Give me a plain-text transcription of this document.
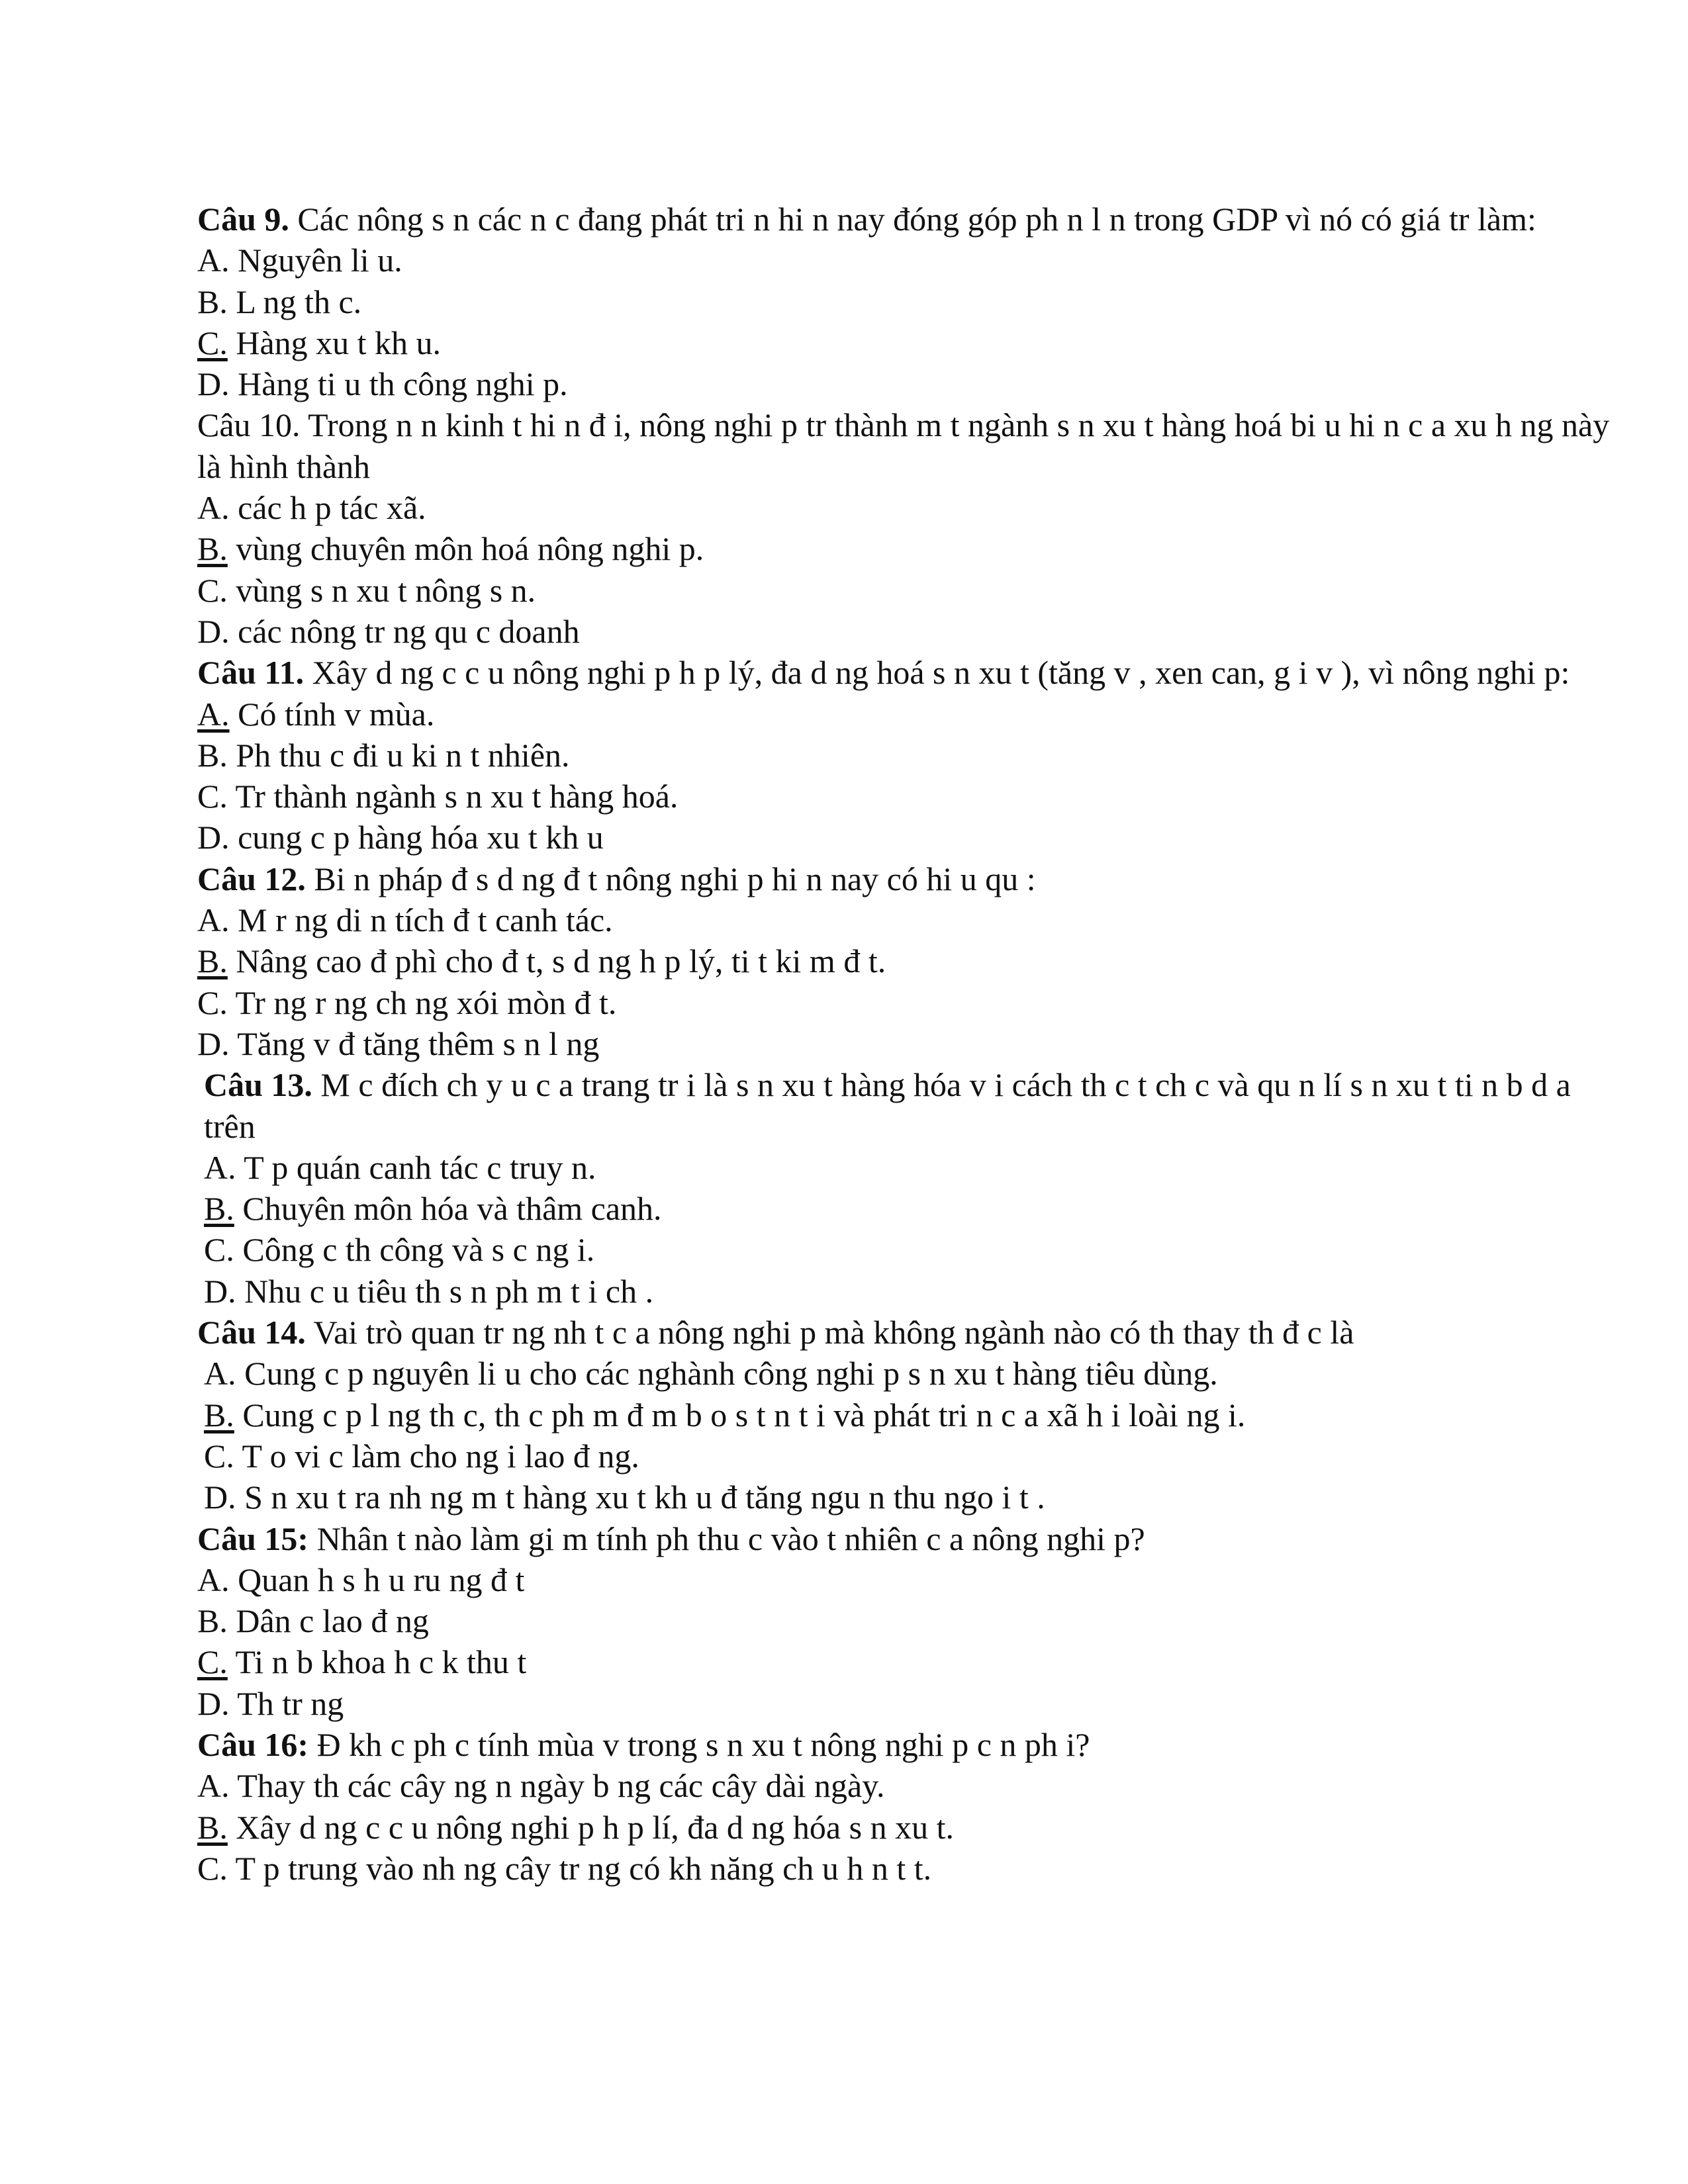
Câu 9. Các nông s n các n c đang phát tri n hi n nay đóng góp ph n l n trong GDP vì nó có giá tr làm:
A. Nguyên li u.
B. L ng th c.
C. Hàng xu t kh u.
D. Hàng ti u th công nghi p.
Câu 10. Trong n n kinh t hi n đ i, nông nghi p tr thành m t ngành s n xu t hàng hoá bi u hi n c a xu h ng này là hình thành
A. các h p tác xã.
B. vùng chuyên môn hoá nông nghi p.
C. vùng s n xu t nông s n.
D. các nông tr ng qu c doanh
Câu 11. Xây d ng c c u nông nghi p h p lý, đa d ng hoá s n xu t (tăng v , xen can, g i v ), vì nông nghi p:
A. Có tính v mùa.
B. Ph thu c đi u ki n t nhiên.
C. Tr thành ngành s n xu t hàng hoá.
D. cung c p hàng hóa xu t kh u
Câu 12. Bi n pháp đ s d ng đ t nông nghi p hi n nay có hi u qu :
A. M r ng di n tích đ t canh tác.
B. Nâng cao đ phì cho đ t, s d ng h p lý, ti t ki m đ t.
C. Tr ng r ng ch ng xói mòn đ t.
D. Tăng v đ tăng thêm s n l ng
Câu 13. M c đích ch y u c a trang tr i là s n xu t hàng hóa v i cách th c t ch c và qu n lí s n xu t ti n b d a trên
A. T p quán canh tác c truy n.
B. Chuyên môn hóa và thâm canh.
C. Công c th công và s c ng i.
D. Nhu c u tiêu th s n ph m t i ch .
Câu 14. Vai trò quan tr ng nh t c a nông nghi p mà không ngành nào có th thay th đ c là
A. Cung c p nguyên li u cho các nghành công nghi p s n xu t hàng tiêu dùng.
B. Cung c p l ng th c, th c ph m đ m b o s t n t i và phát tri n c a xã h i loài ng i.
C. T o vi c làm cho ng i lao đ ng.
D. S n xu t ra nh ng m t hàng xu t kh u đ tăng ngu n thu ngo i t .
Câu 15: Nhân t nào làm gi m tính ph thu c vào t nhiên c a nông nghi p?
A. Quan h s h u ru ng đ t
B. Dân c lao đ ng
C. Ti n b khoa h c k thu t
D. Th tr ng
Câu 16: Đ kh c ph c tính mùa v trong s n xu t nông nghi p c n ph i?
A. Thay th các cây ng n ngày b ng các cây dài ngày.
B. Xây d ng c c u nông nghi p h p lí, đa d ng hóa s n xu t.
C. T p trung vào nh ng cây tr ng có kh năng ch u h n t t.
